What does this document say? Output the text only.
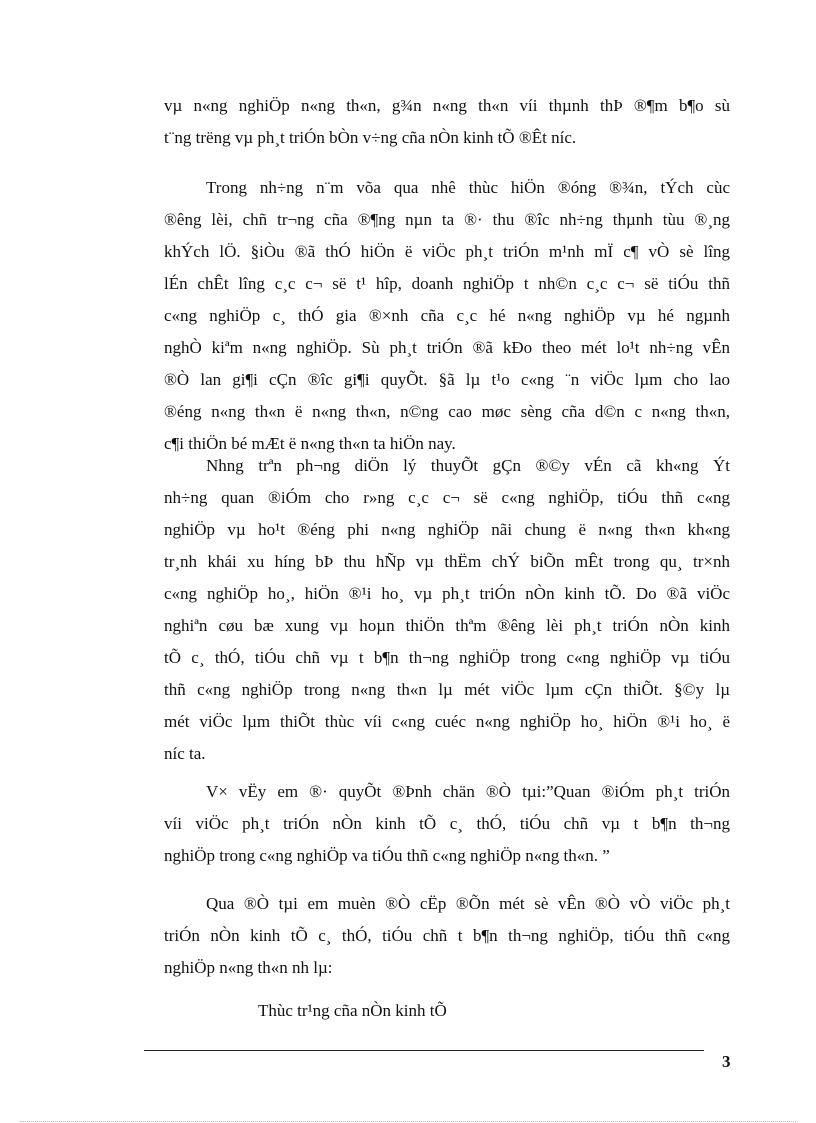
vµ n«ng nghiÖp n«ng th«n, g¾n n«ng th«n víi thµnh thÞ ®¶m b¶o sù
t¨ng trëng vµ ph¸t triÓn bÒn v÷ng cña nÒn kinh tÕ ®Êt níc.
Trong nh÷ng n¨m võa qua nhê thùc hiÖn ®óng ®¾n, tÝch cùc
®êng lèi, chñ tr¬ng cña ®¶ng nµn ta ®· thu ®îc nh÷ng thµnh tùu ®¸ng
khÝch lÖ. §iÒu ®ã thÓ hiÖn ë viÖc ph¸t triÓn m¹nh mÏ c¶ vÒ sè lîng
lÉn chÊt lîng c¸c c¬ së t¹ hîp, doanh nghiÖp t nh©n c¸c c¬ së tiÓu thñ
c«ng nghiÖp c¸ thÓ gia ®×nh cña c¸c hé n«ng nghiÖp vµ hé ngµnh
nghÒ kiªm n«ng nghiÖp. Sù ph¸t triÓn ®ã kÐo theo mét lo¹t nh÷ng vÊn
®Ò lan gi¶i cÇn ®îc gi¶i quyÕt. §ã lµ t¹o c«ng ¨n viÖc lµm cho lao
®éng n«ng th«n ë n«ng th«n, n©ng cao møc sèng cña d©n c n«ng th«n,
c¶i thiÖn bé mÆt ë n«ng th«n ta hiÖn nay.
Nhng trªn ph¬ng diÖn lý thuyÕt gÇn ®©y vÉn cã kh«ng Ýt
nh÷ng quan ®iÓm cho r»ng c¸c c¬ së c«ng nghiÖp, tiÓu thñ c«ng
nghiÖp vµ ho¹t ®éng phi n«ng nghiÖp nãi chung ë n«ng th«n kh«ng
tr¸nh khái xu híng bÞ thu hÑp vµ thËm chÝ biÕn mÊt trong qu¸ tr×nh
c«ng nghiÖp ho¸, hiÖn ®¹i ho¸ vµ ph¸t triÓn nÒn kinh tÕ. Do ®ã viÖc
nghiªn cøu bæ xung vµ hoµn thiÖn thªm ®êng lèi ph¸t triÓn nÒn kinh
tÕ c¸ thÓ, tiÓu chñ vµ t b¶n th¬ng nghiÖp trong c«ng nghiÖp vµ tiÓu
thñ c«ng nghiÖp trong n«ng th«n lµ mét viÖc lµm cÇn thiÕt. §©y lµ
mét viÖc lµm thiÕt thùc víi c«ng cuéc n«ng nghiÖp ho¸ hiÖn ®¹i ho¸ ë
níc ta.
V× vËy em ®· quyÕt ®Þnh chän ®Ò tµi:”Quan ®iÓm ph¸t triÓn
víi viÖc ph¸t triÓn nÒn kinh tÕ c¸ thÓ, tiÓu chñ vµ t b¶n th¬ng
nghiÖp trong c«ng nghiÖp va tiÓu thñ c«ng nghiÖp n«ng th«n. ”
Qua ®Ò tµi em muèn ®Ò cËp ®Õn mét sè vÊn ®Ò vÒ viÖc ph¸t
triÓn nÒn kinh tÕ c¸ thÓ, tiÓu chñ t b¶n th¬ng nghiÖp, tiÓu thñ c«ng
nghiÖp n«ng th«n nh lµ:
Thùc tr¹ng cña nÒn kinh tÕ
3
